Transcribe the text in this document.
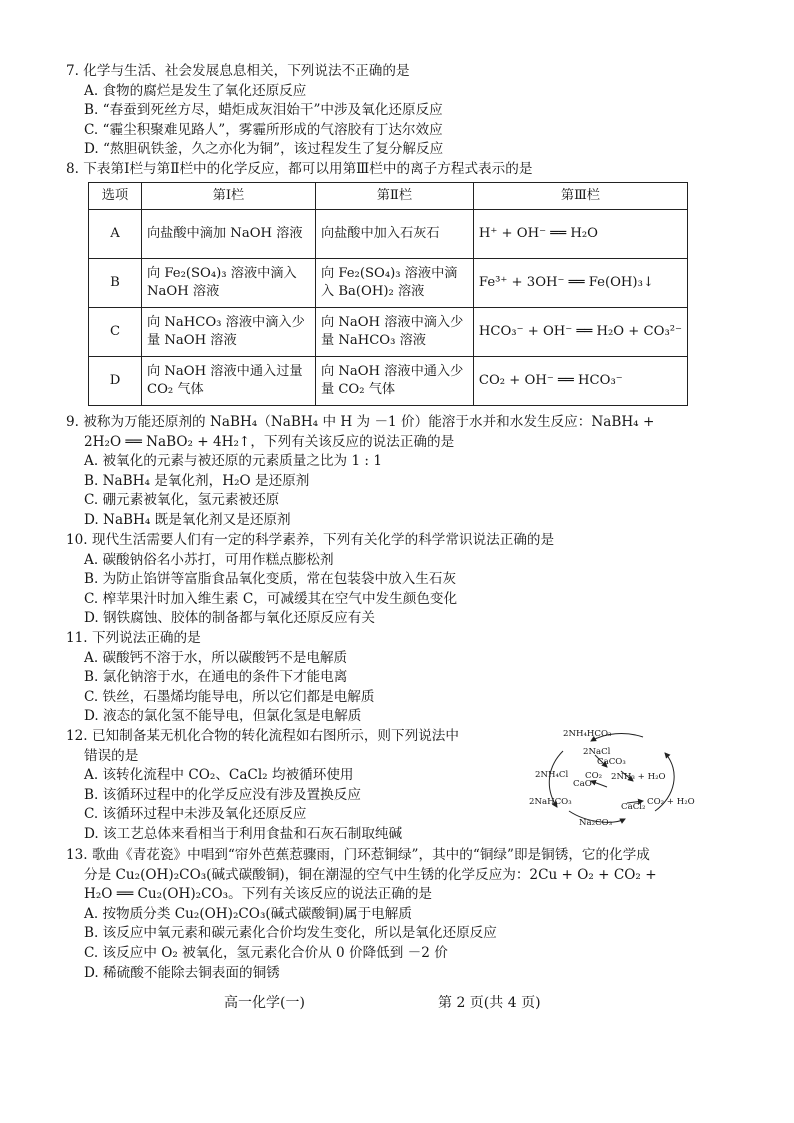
7. 化学与生活、社会发展息息相关，下列说法不正确的是
A. 食物的腐烂是发生了氧化还原反应
B. “春蚕到死丝方尽，蜡炬成灰泪始干”中涉及氧化还原反应
C. “霾尘积聚难见路人”，雾霾所形成的气溶胶有丁达尔效应
D. “熬胆矾铁釜，久之亦化为铜”，该过程发生了复分解反应
8. 下表第Ⅰ栏与第Ⅱ栏中的化学反应，都可以用第Ⅲ栏中的离子方程式表示的是
选项	第Ⅰ栏	第Ⅱ栏	第Ⅲ栏
A	向盐酸中滴加 NaOH 溶液	向盐酸中加入石灰石	H⁺ + OH⁻ ══ H₂O
B	向 Fe₂(SO₄)₃ 溶液中滴入 NaOH 溶液	向 Fe₂(SO₄)₃ 溶液中滴入 Ba(OH)₂ 溶液	Fe³⁺ + 3OH⁻ ══ Fe(OH)₃↓
C	向 NaHCO₃ 溶液中滴入少量 NaOH 溶液	向 NaOH 溶液中滴入少量 NaHCO₃ 溶液	HCO₃⁻ + OH⁻ ══ H₂O + CO₃²⁻
D	向 NaOH 溶液中通入过量 CO₂ 气体	向 NaOH 溶液中通入少量 CO₂ 气体	CO₂ + OH⁻ ══ HCO₃⁻
9. 被称为万能还原剂的 NaBH₄（NaBH₄ 中 H 为 －1 价）能溶于水并和水发生反应：NaBH₄ +
2H₂O ══ NaBO₂ + 4H₂↑，下列有关该反应的说法正确的是
A. 被氧化的元素与被还原的元素质量之比为 1 : 1
B. NaBH₄ 是氧化剂，H₂O 是还原剂
C. 硼元素被氧化，氢元素被还原
D. NaBH₄ 既是氧化剂又是还原剂
10. 现代生活需要人们有一定的科学素养，下列有关化学的科学常识说法正确的是
A. 碳酸钠俗名小苏打，可用作糕点膨松剂
B. 为防止馅饼等富脂食品氧化变质，常在包装袋中放入生石灰
C. 榨苹果汁时加入维生素 C，可减缓其在空气中发生颜色变化
D. 钢铁腐蚀、胶体的制备都与氧化还原反应有关
11. 下列说法正确的是
A. 碳酸钙不溶于水，所以碳酸钙不是电解质
B. 氯化钠溶于水，在通电的条件下才能电离
C. 铁丝，石墨烯均能导电，所以它们都是电解质
D. 液态的氯化氢不能导电，但氯化氢是电解质
12. 已知制备某无机化合物的转化流程如右图所示，则下列说法中
错误的是
A. 该转化流程中 CO₂、CaCl₂ 均被循环使用
B. 该循环过程中的化学反应没有涉及置换反应
C. 该循环过程中未涉及氧化还原反应
D. 该工艺总体来看相当于利用食盐和石灰石制取纯碱
2NH₄HCO₃
2NaCl
CaCO₃
2NH₄Cl CO₂
CaO
2NH₃ + H₂O
2NaHCO₃	CaCl₂ CO₂ + H₂O
Na₂CO₃
13. 歌曲《青花瓷》中唱到“帘外芭蕉惹骤雨，门环惹铜绿”，其中的“铜绿”即是铜锈，它的化学成
分是 Cu₂(OH)₂CO₃(碱式碳酸铜)，铜在潮湿的空气中生锈的化学反应为：2Cu + O₂ + CO₂ +
H₂O ══ Cu₂(OH)₂CO₃。下列有关该反应的说法正确的是
A. 按物质分类 Cu₂(OH)₂CO₃(碱式碳酸铜)属于电解质
B. 该反应中氧元素和碳元素化合价均发生变化，所以是氧化还原反应
C. 该反应中 O₂ 被氧化，氢元素化合价从 0 价降低到 －2 价
D. 稀硫酸不能除去铜表面的铜锈
高一化学(一)	第 2 页(共 4 页)
